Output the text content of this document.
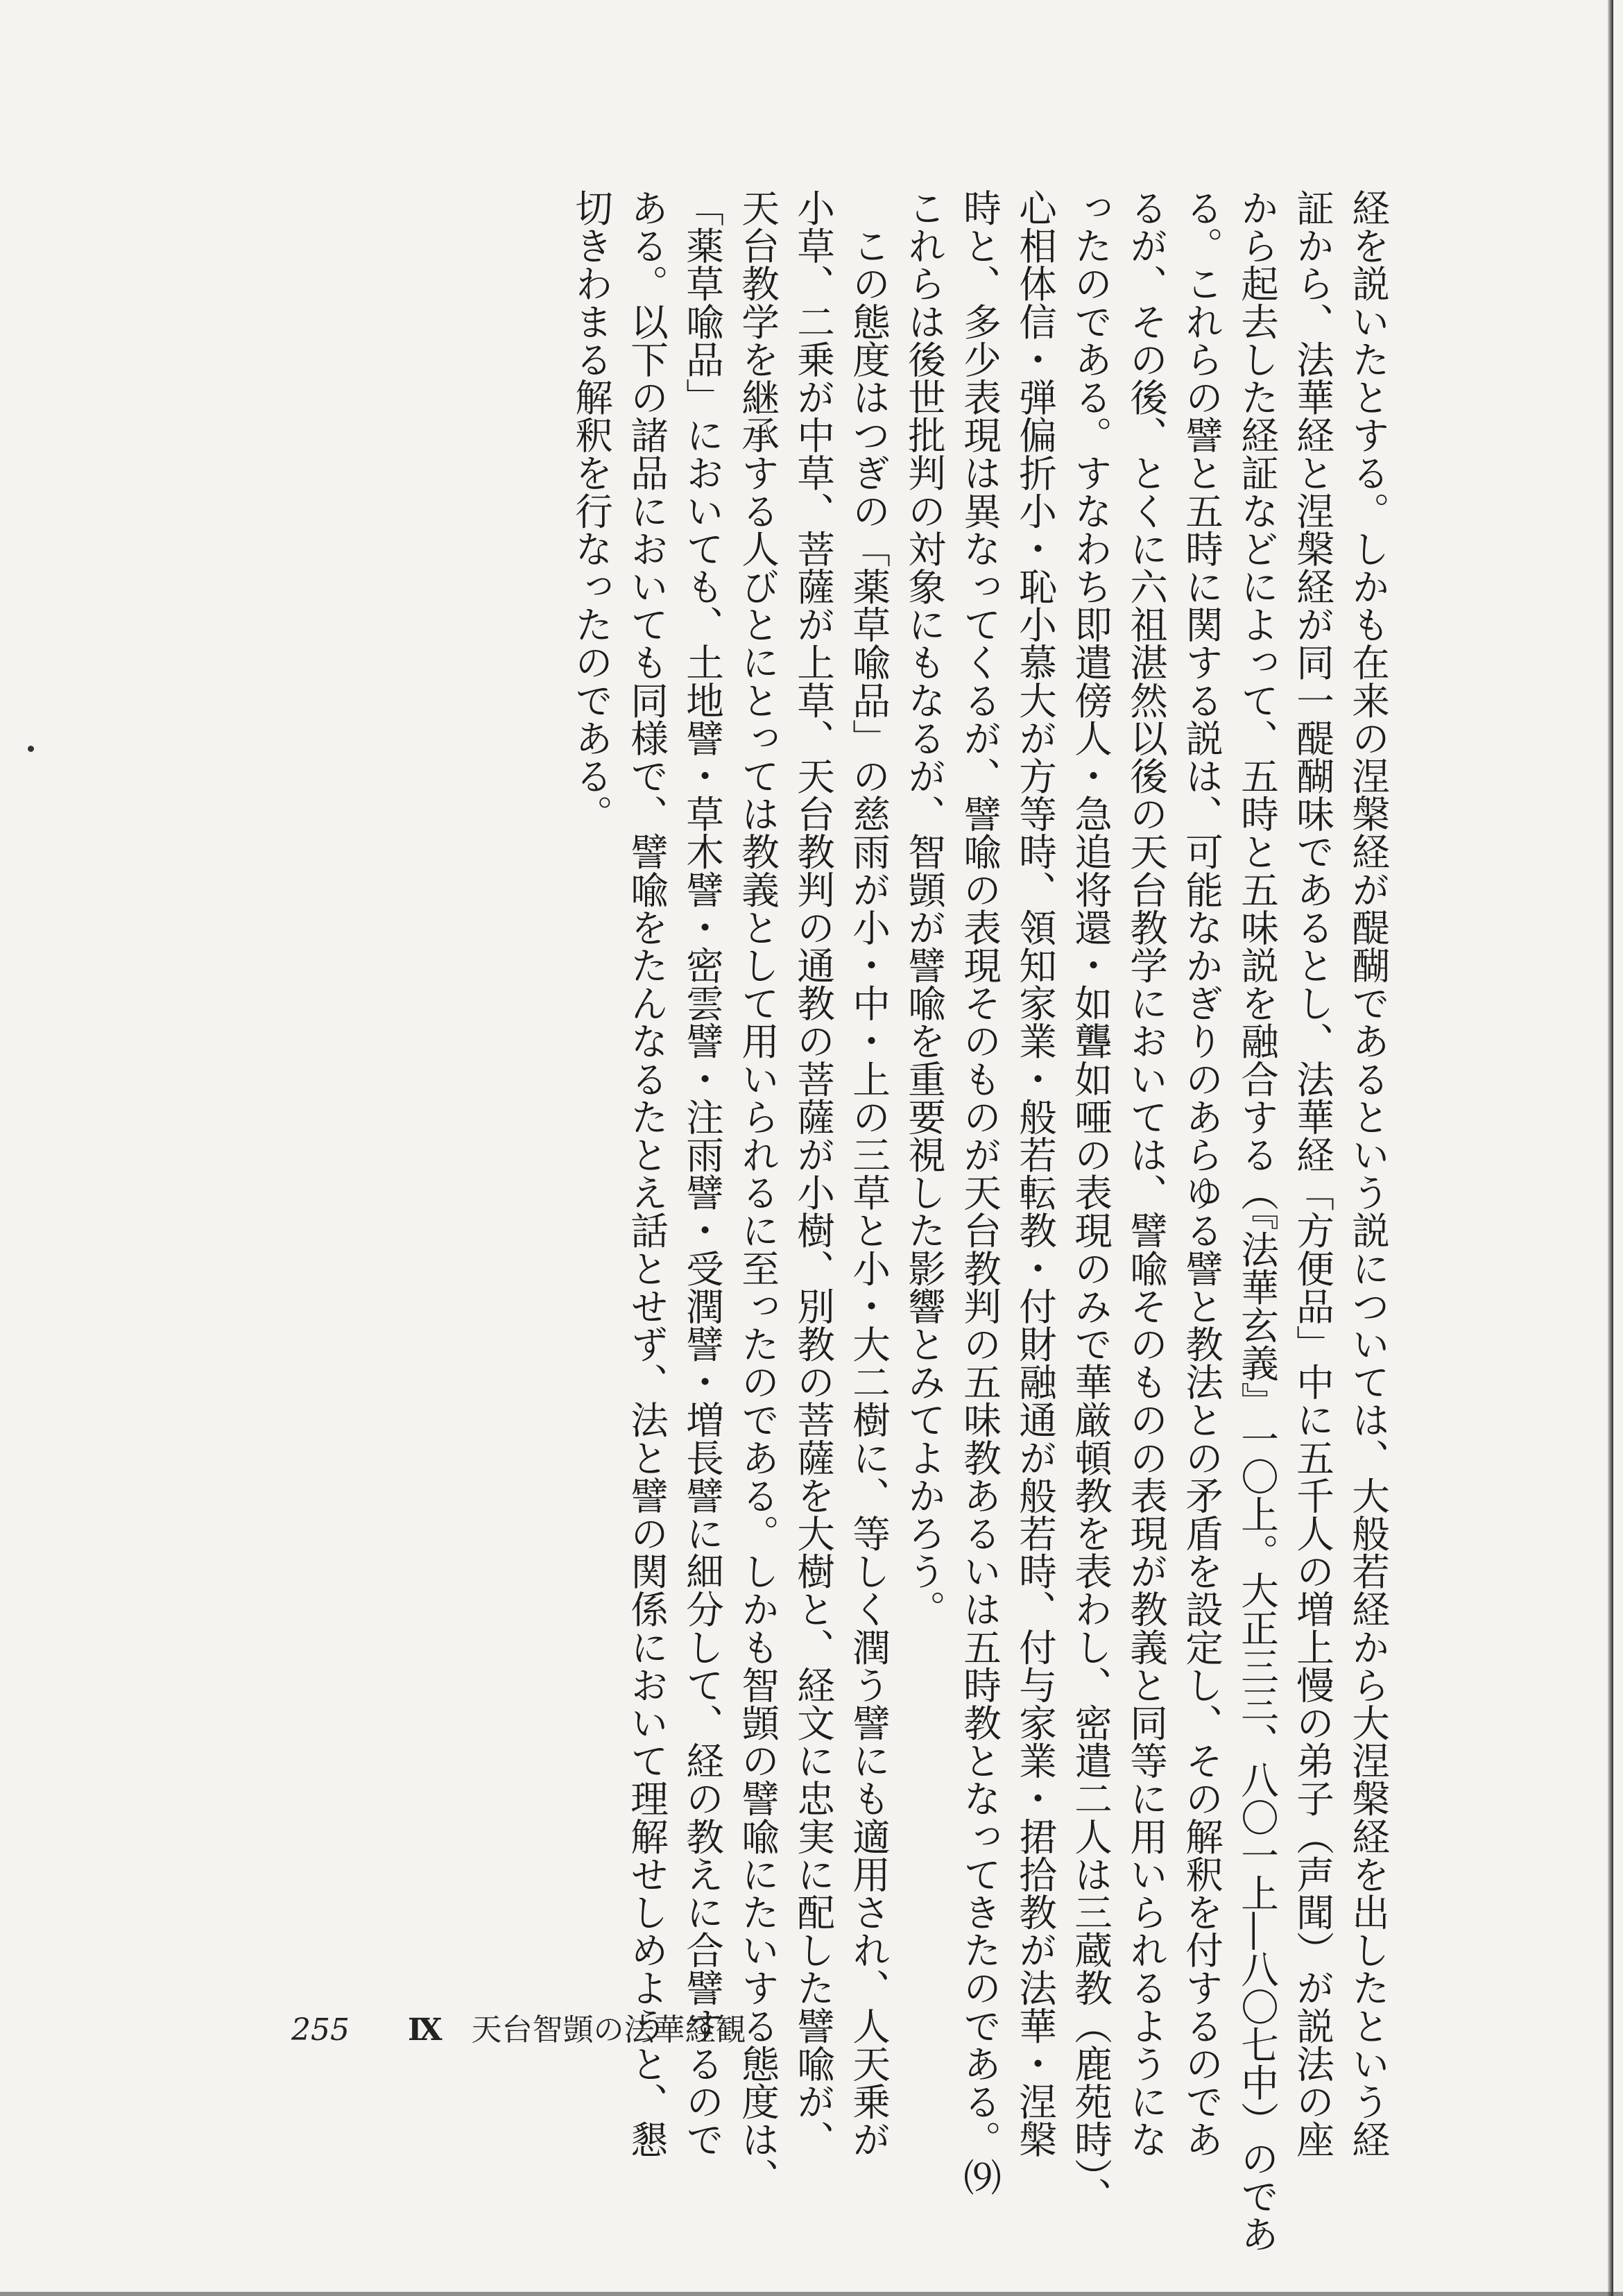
経を説いたとする。しかも在来の涅槃経が醍醐であるという説については、大般若経から大涅槃経を出したという経

証から、法華経と涅槃経が同一醍醐味であるとし、法華経「方便品」中に五千人の増上慢の弟子（声聞）が説法の座

から起去した経証などによって、五時と五味説を融合する（『法華玄義』一〇上。大正三三、八〇一上―八〇七中）のであ

る。これらの譬と五時に関する説は、可能なかぎりのあらゆる譬と教法との矛盾を設定し、その解釈を付するのであ

るが、その後、とくに六祖湛然以後の天台教学においては、譬喩そのものの表現が教義と同等に用いられるようにな

ったのである。すなわち即遣傍人・急追将還・如聾如唖の表現のみで華厳頓教を表わし、密遣二人は三蔵教（鹿苑時）、

心相体信・弾偏折小・恥小慕大が方等時、領知家業・般若転教・付財融通が般若時、付与家業・捃拾教が法華・涅槃

時と、多少表現は異なってくるが、譬喩の表現そのものが天台教判の五味教あるいは五時教となってきたのである。⑼

これらは後世批判の対象にもなるが、智顗が譬喩を重要視した影響とみてよかろう。

　この態度はつぎの「薬草喩品」の慈雨が小・中・上の三草と小・大二樹に、等しく潤う譬にも適用され、人天乗が

小草、二乗が中草、菩薩が上草、天台教判の通教の菩薩が小樹、別教の菩薩を大樹と、経文に忠実に配した譬喩が、

天台教学を継承する人びとにとっては教義として用いられるに至ったのである。しかも智顗の譬喩にたいする態度は、

「薬草喩品」においても、土地譬・草木譬・密雲譬・注雨譬・受潤譬・増長譬に細分して、経の教えに合譬するので

ある。以下の諸品においても同様で、譬喩をたんなるたとえ話とせず、法と譬の関係において理解せしめようと、懇

切きわまる解釈を行なったのである。

255 Ⅸ 天台智顗の法華経観
